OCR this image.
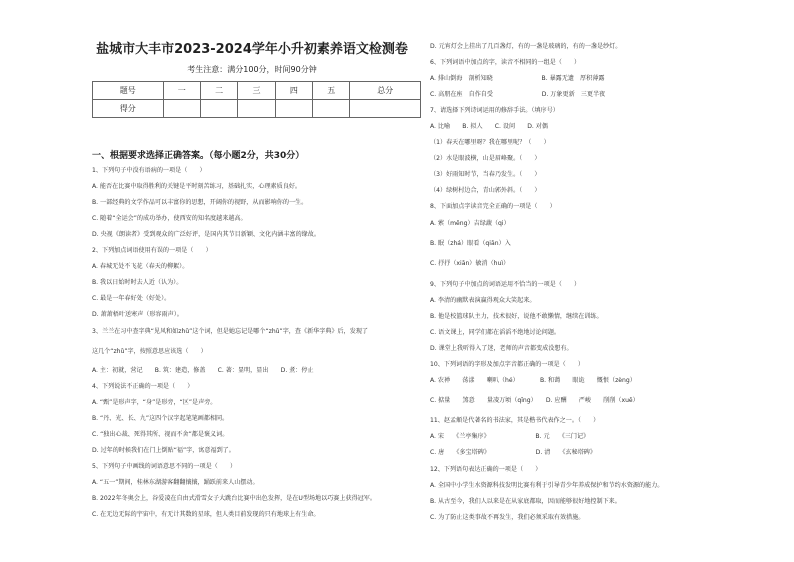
盐城市大丰市2023-2024学年小升初素养语文检测卷
考生注意：满分100分，时间90分钟
题号	一	二	三	四	五	总分
得分						
一、根据要求选择正确答案。（每小题2分，共30分）
1、下列句子中没有语病的一项是（　　）
A. 能否在比赛中取得胜利的关键是平时刻苦练习，基础扎实，心理素质良好。
B. 一部经典的文学作品可以丰富你的思想，开阔你的视野，从而影响你的一生。
C. 随着“全运会”的成功举办，使西安的知名度越来越高。
D. 央视《朗读者》受到观众的广泛好评，是国内其节目新颖、文化内涵丰富的缘故。
2、下列加点词语使用有误的一项是（　　）
A. 春城无处不飞花（春天的柳絮）。
B. 我以日始时时去人近（认为）。
C. 最是一年春好处（好处）。
D. 萧萧梧叶送寒声（形容雨声）。
3、兰兰在习中查字典“见风和如zhǔ”这个词，但是她忘记是哪个“zhǔ”字，查《新华字典》后，发现了
这几个“zhǔ”字，按照意思应该选（　　）
A. 主：初就，营记　　B. 筑：建造，修盖　　C. 著：显明，显出　　D. 煮：停止
4、下列说法不正确的一项是（　　）
A. “甄”是形声字，“身”是形旁，“区”是声旁。
B. “丹、光、长、九”这四个汉字起笔笔画都相同。
C. “独出心裁、死得其所、视而不舍”都是褒义词。
D. 过年的时候我们在门上倒贴“福”字，寓意福到了。
5、下列句子中画线的词语意思不同的一项是（　　）
A. “五一”期间，桂林东湖游客翻翻攘攘，踊跃前来人山摆动。
B. 2022年冬奥会上，谷爱凌在自由式滑雪女子大跳台比赛中出色发挥，是在U型场地以巧赛上获得冠军。
C. 在无边无际的宇宙中，有无计其数的星球，但人类目前发现的只有地球上有生命。
D. 元宵灯会上挂出了几百盏灯，有的一盏是玻璃的，有的一盏是纱灯。
6、下列词语中加点的字，读音不相同的一组是（　　）
A. 排山倒海　剖析知晓　　　　　　　　B. 暴露无遗　厚积薄露
C. 高朋在座　自作自受　　　　　　　　D. 万象更新　三更半夜
7、请选择下列诗词运用的修辞手法。（填序号）
A. 比喻　　B. 拟人　　C. 设问　　D. 对偶
（1）春天在哪里呀？我在哪里呢？（　　）
（2）水是眼波横，山是眉峰聚。（　　）
（3）好雨知时节，当春乃发生。（　　）
（4）绿树村边合，青山郭外斜。（　　）
8、下面加点字读音完全正确的一项是（　　）
A. 萦（mēng）吉绿蔬（qi）
B. 眠（zhá）眼看（qiān）入
C. 抒抒（xiān）敏消（huì）
9、下列句子中加点的词语运用不恰当的一项是（　　）
A. 李清的幽默表演赢得观众大笑起来。
B. 他是校篮球队主力，技术很好，说他不敢懒情，继续在训练。
C. 语文课上，同学们都在滔滔不绝地讨论问题。
D. 课堂上我听得入了迷，老师的声音都变成没想有。
10、下列词语的字形及加点字音都正确的一项是（　　）
A. 农禅　　荡漾　　喇叭（hé）　　　　B. 和蔼　　眼诡　　慨恨（zèng）
C. 掂量　　煞意　　量凌万顷（qīng）　　D. 应酬　　严峻　　削削（xuē）
11、赵孟頫是代著名的书法家，其是楷书代表作之一。（　　）
A. 宋　　《兰亭集序》　　　　　　　　B. 元　　《三门记》
C. 唐　　《多宝塔碑》　　　　　　　　D. 清　　《玄秘塔碑》
12、下列语句表达正确的一项是（　　）
A. 全国中小学生水资源科技发明比赛有利于引导青少年养成保护和节约水资源的能力。
B. 从古至今，我们人以来是在从家底都取，因而能够很好地控制下来。
C. 为了防止这类事故不再发生，我们必须采取有效措施。
